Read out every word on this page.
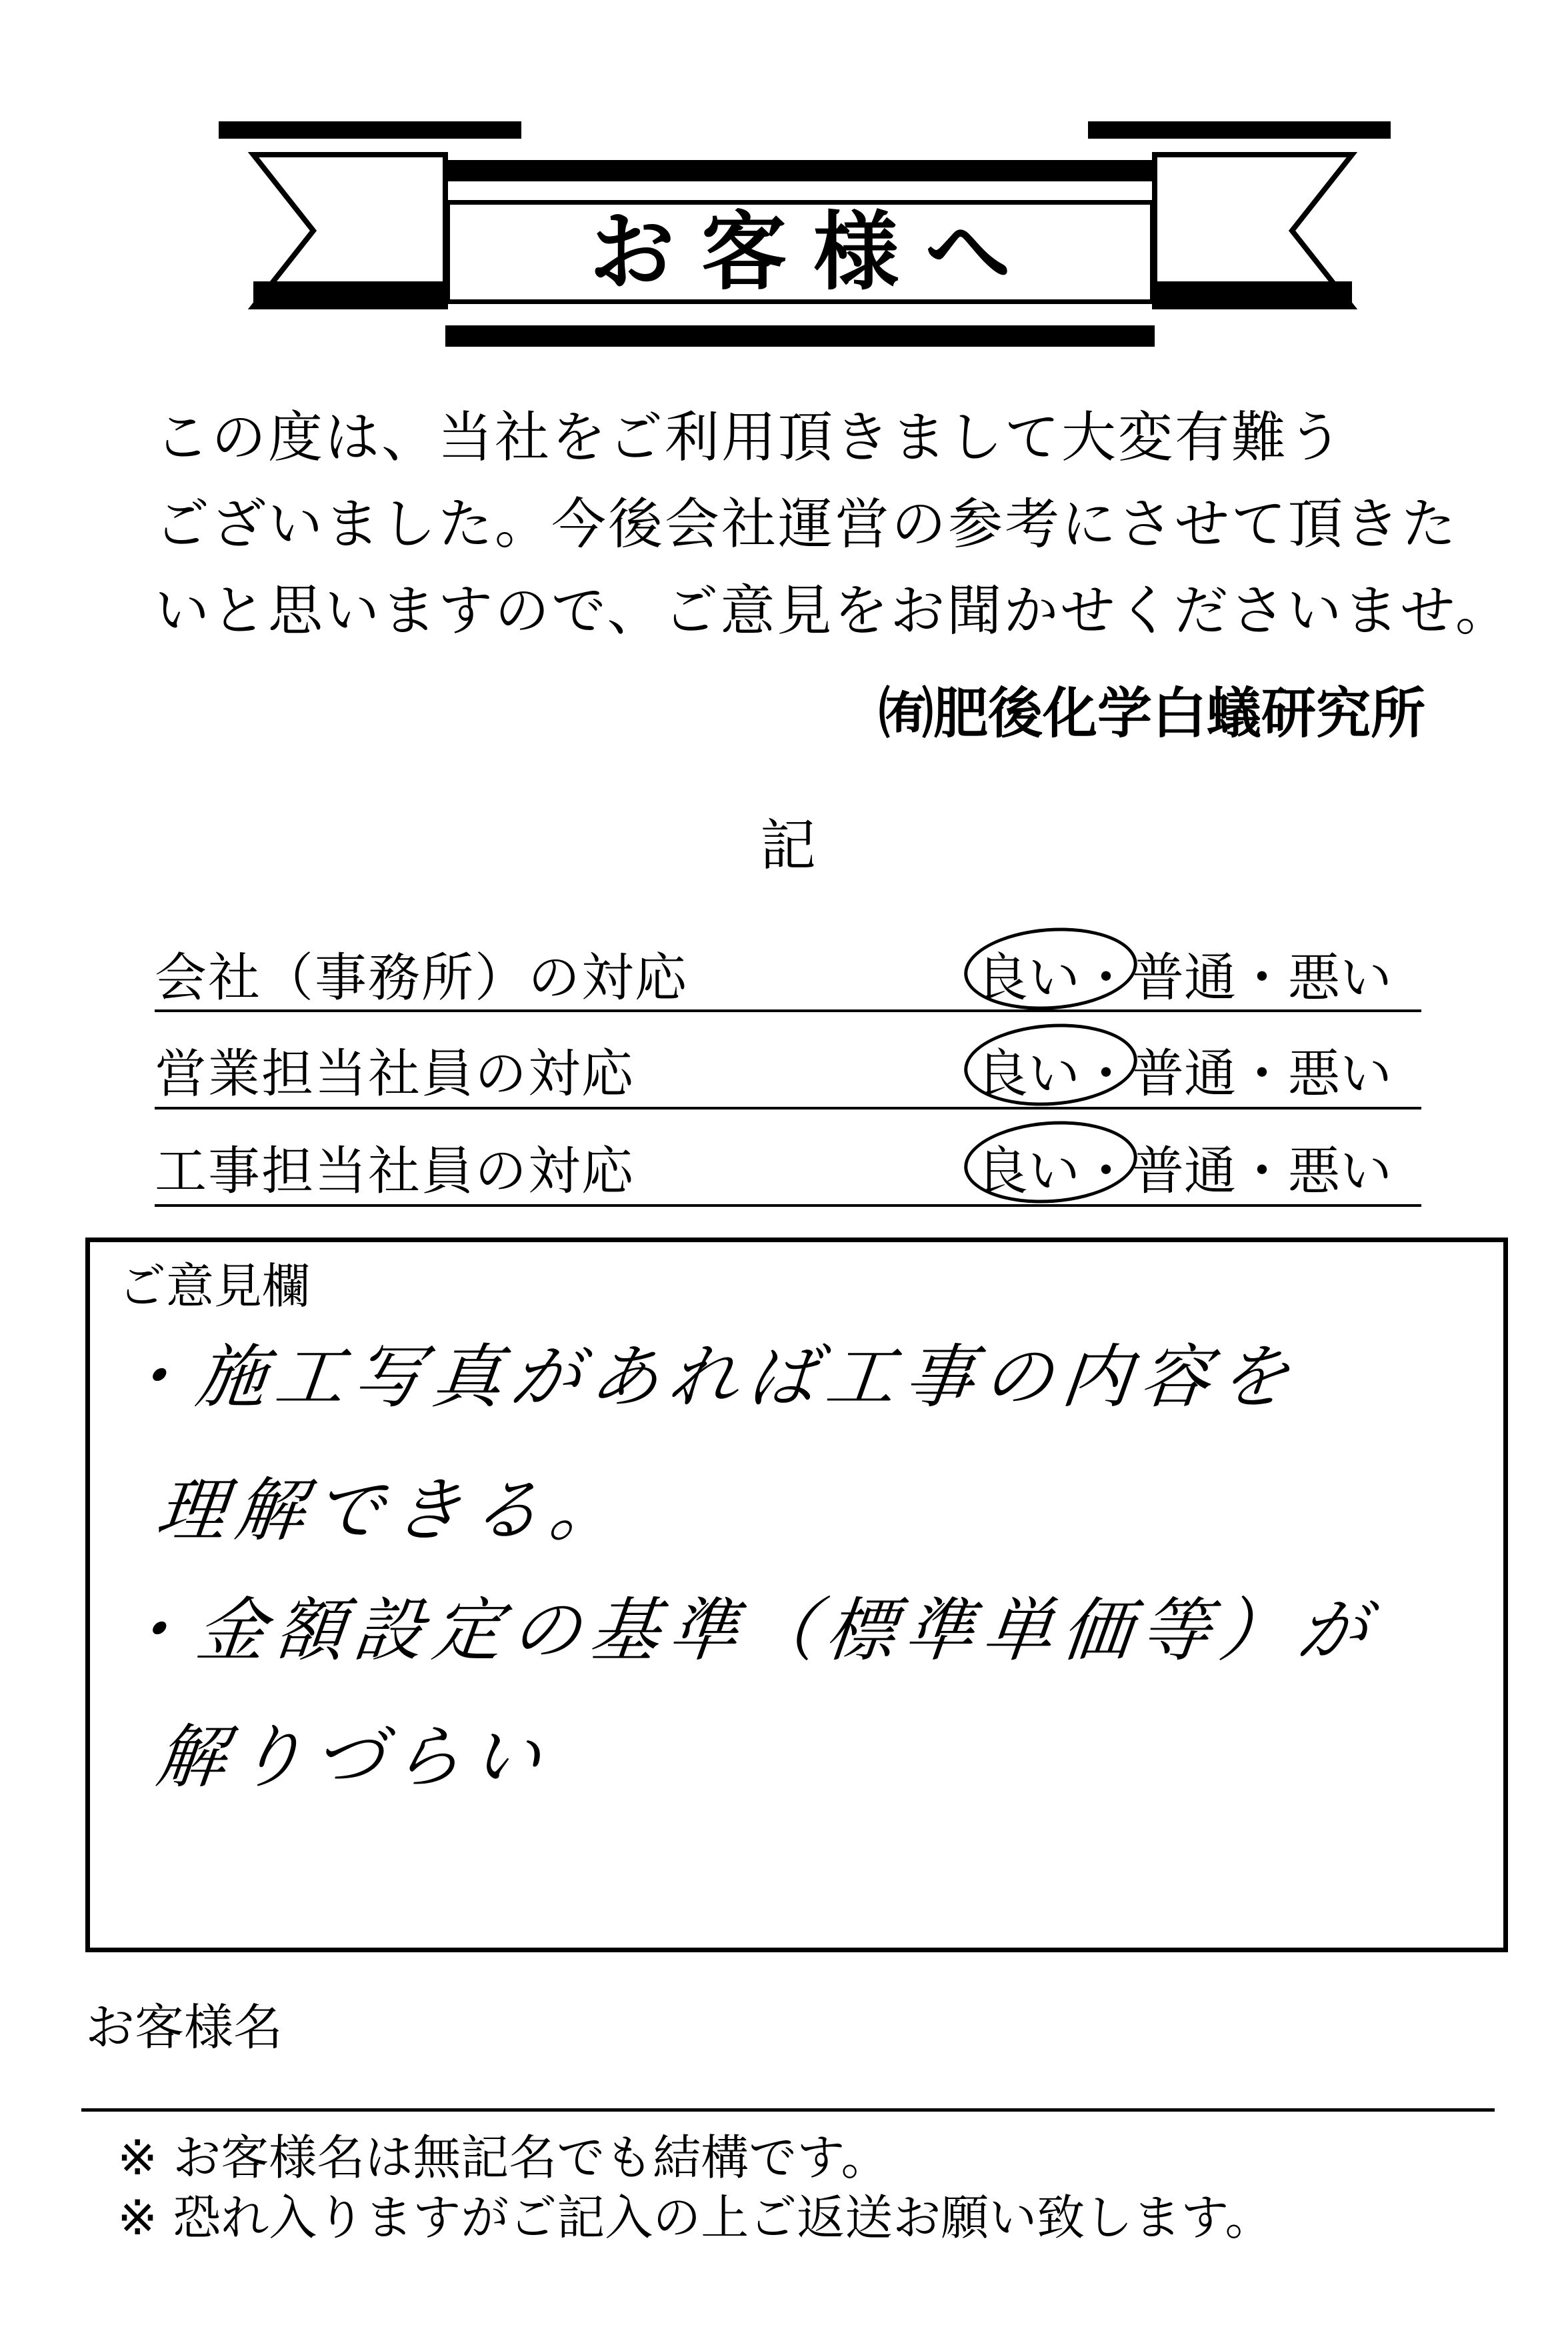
お客様へ
この度は、当社をご利用頂きまして大変有難う
ございました。今後会社運営の参考にさせて頂きた
いと思いますので、ご意見をお聞かせくださいませ。
㈲肥後化学白蟻研究所
記
会社（事務所）の対応	良い・普通・悪い
営業担当社員の対応	良い・普通・悪い
工事担当社員の対応	良い・普通・悪い
ご意見欄
・施工写真があれば工事の内容を
理解できる。
・金額設定の基準（標準単価等）が
解りづらい
お客様名
※ お客様名は無記名でも結構です。
※ 恐れ入りますがご記入の上ご返送お願い致します。
